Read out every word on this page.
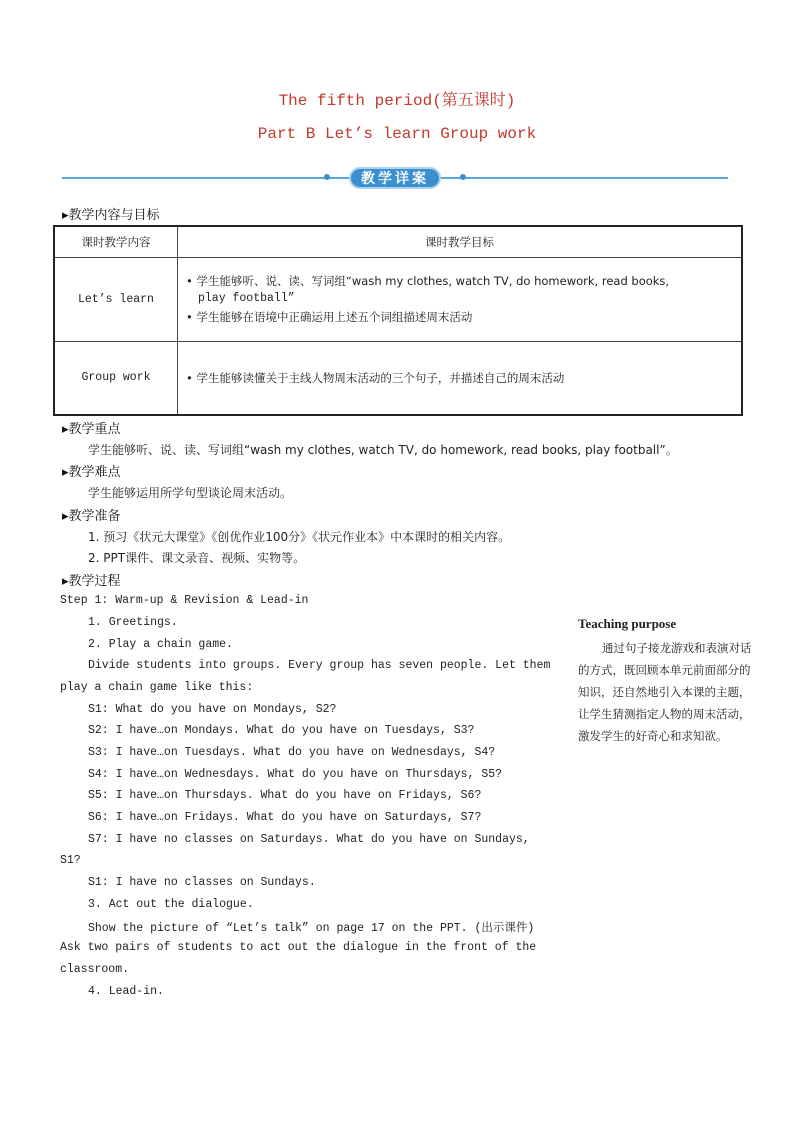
The fifth period(第五课时)
Part B Let’s learn Group work
教学详案
▸教学内容与目标
课时教学内容	课时教学目标
Let’s learn	• 学生能够听、说、读、写词组“wash my clothes, watch TV, do homework, read books,
play football”
• 学生能够在语境中正确运用上述五个词组描述周末活动

Group work	• 学生能够读懂关于主线人物周末活动的三个句子，并描述自己的周末活动
▸教学重点
学生能够听、说、读、写词组“wash my clothes, watch TV, do homework, read books, play football”。
▸教学难点
学生能够运用所学句型谈论周末活动。
▸教学准备
1. 预习《状元大课堂》《创优作业100分》《状元作业本》中本课时的相关内容。
2. PPT课件、课文录音、视频、实物等。
▸教学过程
Step 1: Warm-up & Revision & Lead-in
1. Greetings.
2. Play a chain game.
Divide students into groups. Every group has seven people. Let them
play a chain game like this:
S1: What do you have on Mondays, S2?
S2: I have…on Mondays. What do you have on Tuesdays, S3?
S3: I have…on Tuesdays. What do you have on Wednesdays, S4?
S4: I have…on Wednesdays. What do you have on Thursdays, S5?
S5: I have…on Thursdays. What do you have on Fridays, S6?
S6: I have…on Fridays. What do you have on Saturdays, S7?
S7: I have no classes on Saturdays. What do you have on Sundays,
S1?
S1: I have no classes on Sundays.
3. Act out the dialogue.
Show the picture of “Let’s talk” on page 17 on the PPT. (出示课件)
Ask two pairs of students to act out the dialogue in the front of the
classroom.
4. Lead-in.
Teaching purpose
通过句子接龙游戏和表演对话的方式，既回顾本单元前面部分的知识，还自然地引入本课的主题，让学生猜测指定人物的周末活动，激发学生的好奇心和求知欲。
